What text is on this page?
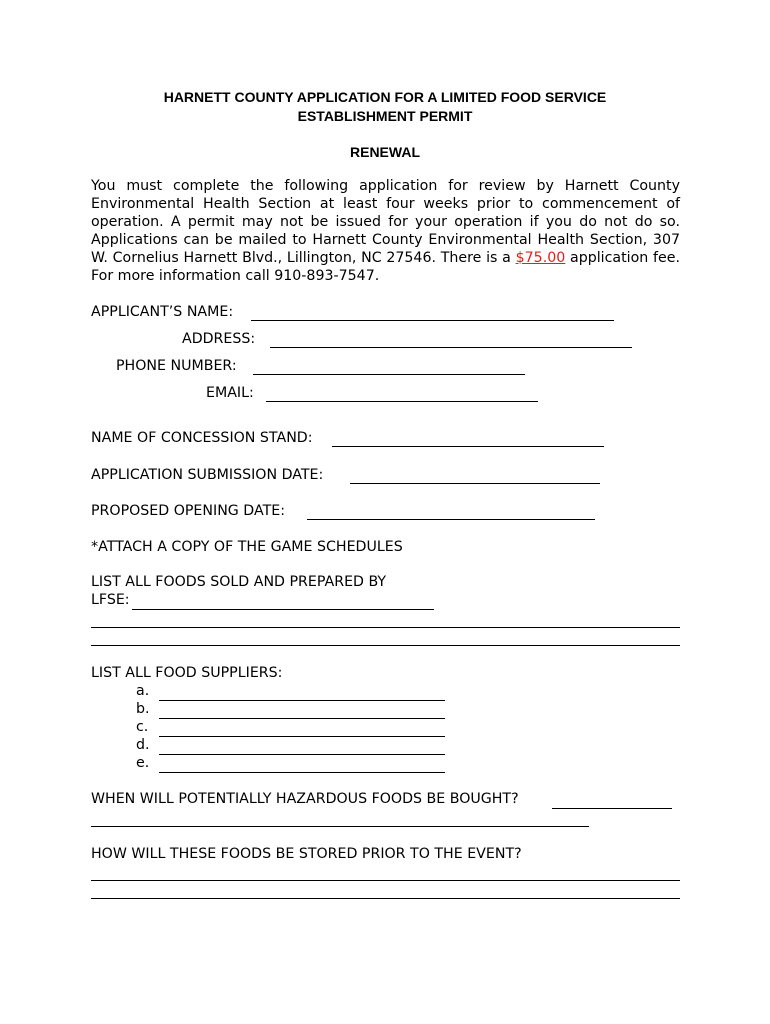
HARNETT COUNTY APPLICATION FOR A LIMITED FOOD SERVICE
ESTABLISHMENT PERMIT
RENEWAL
You must complete the following application for review by Harnett County Environmental Health Section at least four weeks prior to commencement of operation. A permit may not be issued for your operation if you do not do so. Applications can be mailed to Harnett County Environmental Health Section, 307 W. Cornelius Harnett Blvd., Lillington, NC 27546. There is a $75.00 application fee. For more information call 910-893-7547.
APPLICANT’S NAME:
ADDRESS:
PHONE NUMBER:
EMAIL:
NAME OF CONCESSION STAND:
APPLICATION SUBMISSION DATE:
PROPOSED OPENING DATE:
*ATTACH A COPY OF THE GAME SCHEDULES
LIST ALL FOODS SOLD AND PREPARED BY
LFSE:
LIST ALL FOOD SUPPLIERS:
a.
b.
c.
d.
e.
WHEN WILL POTENTIALLY HAZARDOUS FOODS BE BOUGHT?
HOW WILL THESE FOODS BE STORED PRIOR TO THE EVENT?
